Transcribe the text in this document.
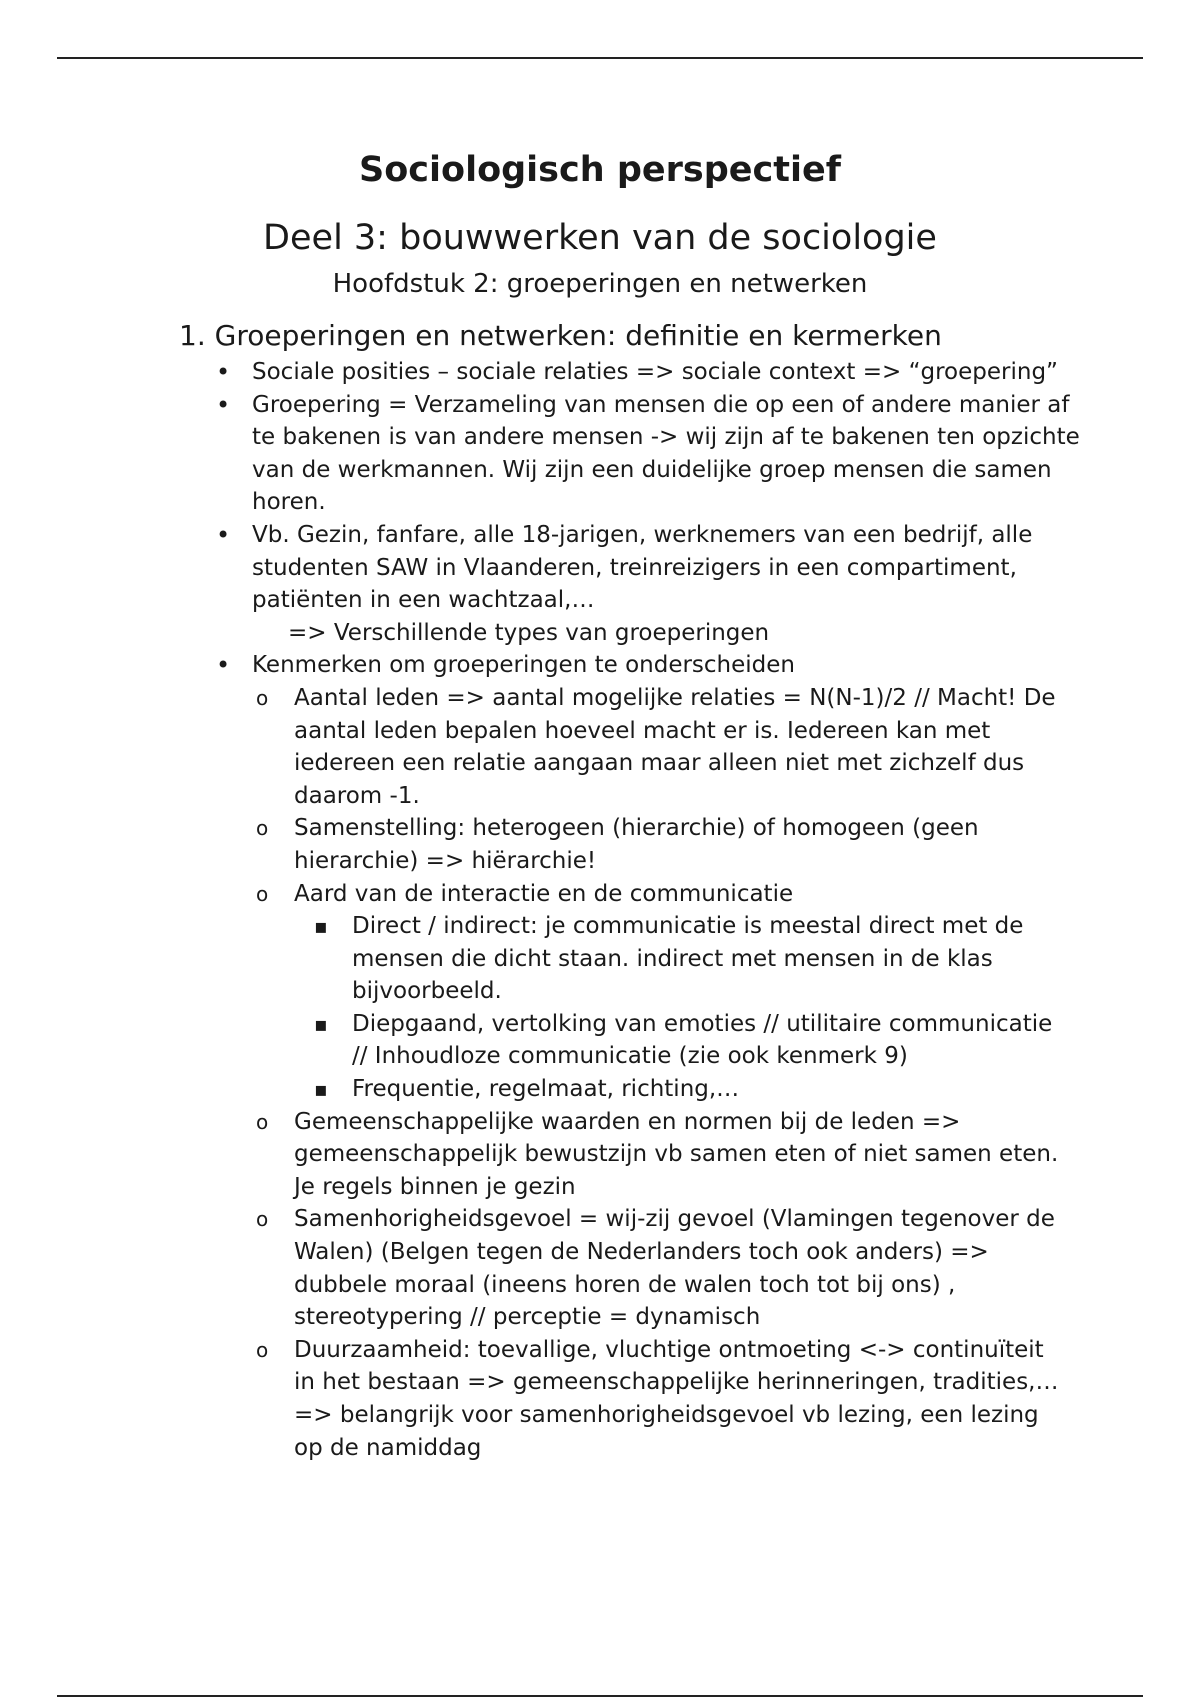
Sociologisch perspectief
Deel 3: bouwwerken van de sociologie
Hoofdstuk 2: groeperingen en netwerken
1. Groeperingen en netwerken: definitie en kermerken
• Sociale posities – sociale relaties => sociale context => “groepering”
• Groepering = Verzameling van mensen die op een of andere manier af te bakenen is van andere mensen -> wij zijn af te bakenen ten opzichte van de werkmannen. Wij zijn een duidelijke groep mensen die samen horen.
• Vb. Gezin, fanfare, alle 18-jarigen, werknemers van een bedrijf, alle studenten SAW in Vlaanderen, treinreizigers in een compartiment, patiënten in een wachtzaal,…
=> Verschillende types van groeperingen
• Kenmerken om groeperingen te onderscheiden
o Aantal leden => aantal mogelijke relaties = N(N-1)/2 // Macht! De aantal leden bepalen hoeveel macht er is. Iedereen kan met iedereen een relatie aangaan maar alleen niet met zichzelf dus daarom -1.
o Samenstelling: heterogeen (hierarchie) of homogeen (geen hierarchie) => hiërarchie!
o Aard van de interactie en de communicatie
▪ Direct / indirect: je communicatie is meestal direct met de mensen die dicht staan. indirect met mensen in de klas bijvoorbeeld.
▪ Diepgaand, vertolking van emoties // utilitaire communicatie // Inhoudloze communicatie (zie ook kenmerk 9)
▪ Frequentie, regelmaat, richting,…
o Gemeenschappelijke waarden en normen bij de leden => gemeenschappelijk bewustzijn vb samen eten of niet samen eten. Je regels binnen je gezin
o Samenhorigheidsgevoel = wij-zij gevoel (Vlamingen tegenover de Walen) (Belgen tegen de Nederlanders toch ook anders) => dubbele moraal (ineens horen de walen toch tot bij ons) , stereotypering // perceptie = dynamisch
o Duurzaamheid: toevallige, vluchtige ontmoeting <-> continuïteit in het bestaan => gemeenschappelijke herinneringen, tradities,… => belangrijk voor samenhorigheidsgevoel vb lezing, een lezing op de namiddag
